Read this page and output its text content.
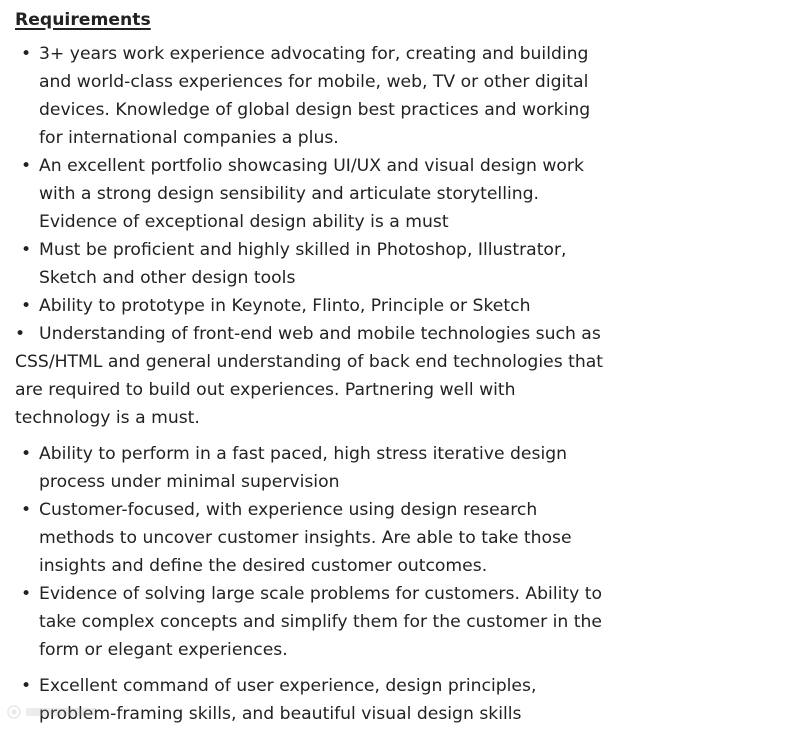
Requirements
• 3+ years work experience advocating for, creating and building and world-class experiences for mobile, web, TV or other digital devices. Knowledge of global design best practices and working for international companies a plus.
• An excellent portfolio showcasing UI/UX and visual design work with a strong design sensibility and articulate storytelling. Evidence of exceptional design ability is a must
• Must be proficient and highly skilled in Photoshop, Illustrator, Sketch and other design tools
• Ability to prototype in Keynote, Flinto, Principle or Sketch

• Understanding of front-end web and mobile technologies such as CSS/HTML and general understanding of back end technologies that are required to build out experiences. Partnering well with technology is a must.

• Ability to perform in a fast paced, high stress iterative design process under minimal supervision
• Customer-focused, with experience using design research methods to uncover customer insights. Are able to take those insights and define the desired customer outcomes.
• Evidence of solving large scale problems for customers. Ability to take complex concepts and simplify them for the customer in the form or elegant experiences.
• Excellent command of user experience, design principles, problem-framing skills, and beautiful visual design skills
